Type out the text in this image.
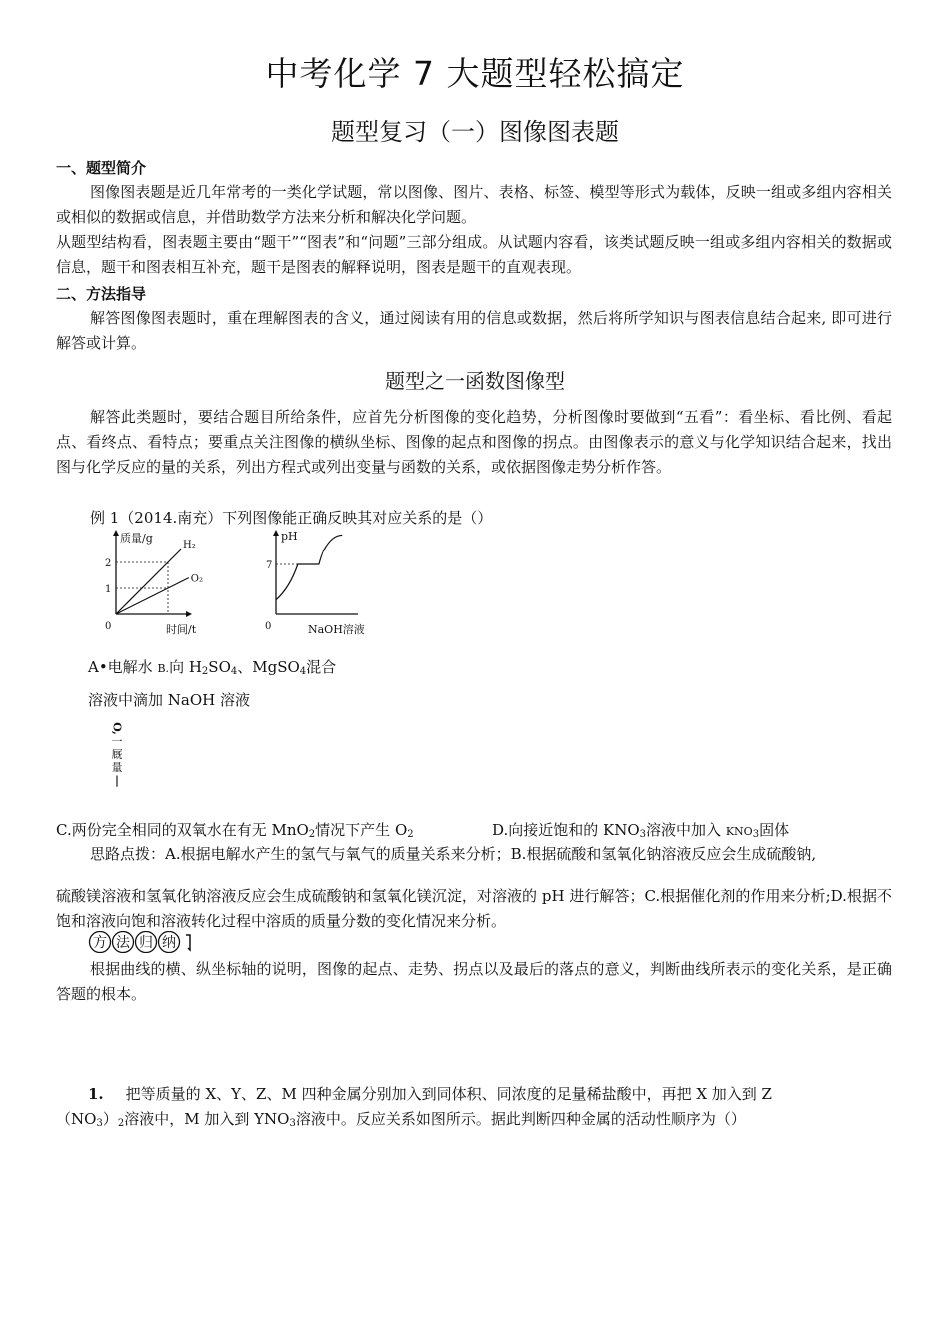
中考化学 7 大题型轻松搞定
题型复习（一）图像图表题
一、题型简介
图像图表题是近几年常考的一类化学试题，常以图像、图片、表格、标签、模型等形式为载体，反映一组或多组内容相关或相似的数据或信息，并借助数学方法来分析和解决化学问题。
从题型结构看，图表题主要由“题干”“图表”和“问题”三部分组成。从试题内容看，该类试题反映一组或多组内容相关的数据或信息，题干和图表相互补充，题干是图表的解释说明，图表是题干的直观表现。
二、方法指导
解答图像图表题时，重在理解图表的含义，通过阅读有用的信息或数据，然后将所学知识与图表信息结合起来, 即可进行解答或计算。
题型之一函数图像型
解答此类题时，要结合题目所给条件，应首先分析图像的变化趋势，分析图像时要做到“五看”：看坐标、看比例、看起点、看终点、看特点；要重点关注图像的横纵坐标、图像的起点和图像的拐点。由图像表示的意义与化学知识结合起来，找出图与化学反应的量的关系，列出方程式或列出变量与函数的关系，或依据图像走势分析作答。
例 1（2014.南充）下列图像能正确反映其对应关系的是（）
质量/g
时间/t
0
1
2
H₂
O₂
pH
NaOH溶液
0
7
A•电解水 B.向 $H_2SO_4$、MgSO$_4$混合
溶液中滴加 NaOH 溶液
O,
一
厩
量
|
C.两份完全相同的双氧水在有无 MnO$_2$情况下产生 $O_2$	D.向接近饱和的 $KNO_3$溶液中加入 $KNO_3$固体
思路点拨：A.根据电解水产生的氢气与氧气的质量关系来分析；B.根据硫酸和氢氧化钠溶液反应会生成硫酸钠,
硫酸镁溶液和氢氧化钠溶液反应会生成硫酸钠和氢氧化镁沉淀，对溶液的 pH 进行解答；C.根据催化剂的作用来分析;D.根据不饱和溶液向饱和溶液转化过程中溶质的质量分数的变化情况来分析。
方 法 归 纳
根据曲线的横、纵坐标轴的说明，图像的起点、走势、拐点以及最后的落点的意义，判断曲线所表示的变化关系，是正确答题的根本。
1. 把等质量的 X、Y、Z、M 四种金属分别加入到同体积、同浓度的足量稀盐酸中，再把 X 加入到 Z
$(NO_3)_2$溶液中，M 加入到 $YNO_3$溶液中。反应关系如图所示。据此判断四种金属的活动性顺序为（）
